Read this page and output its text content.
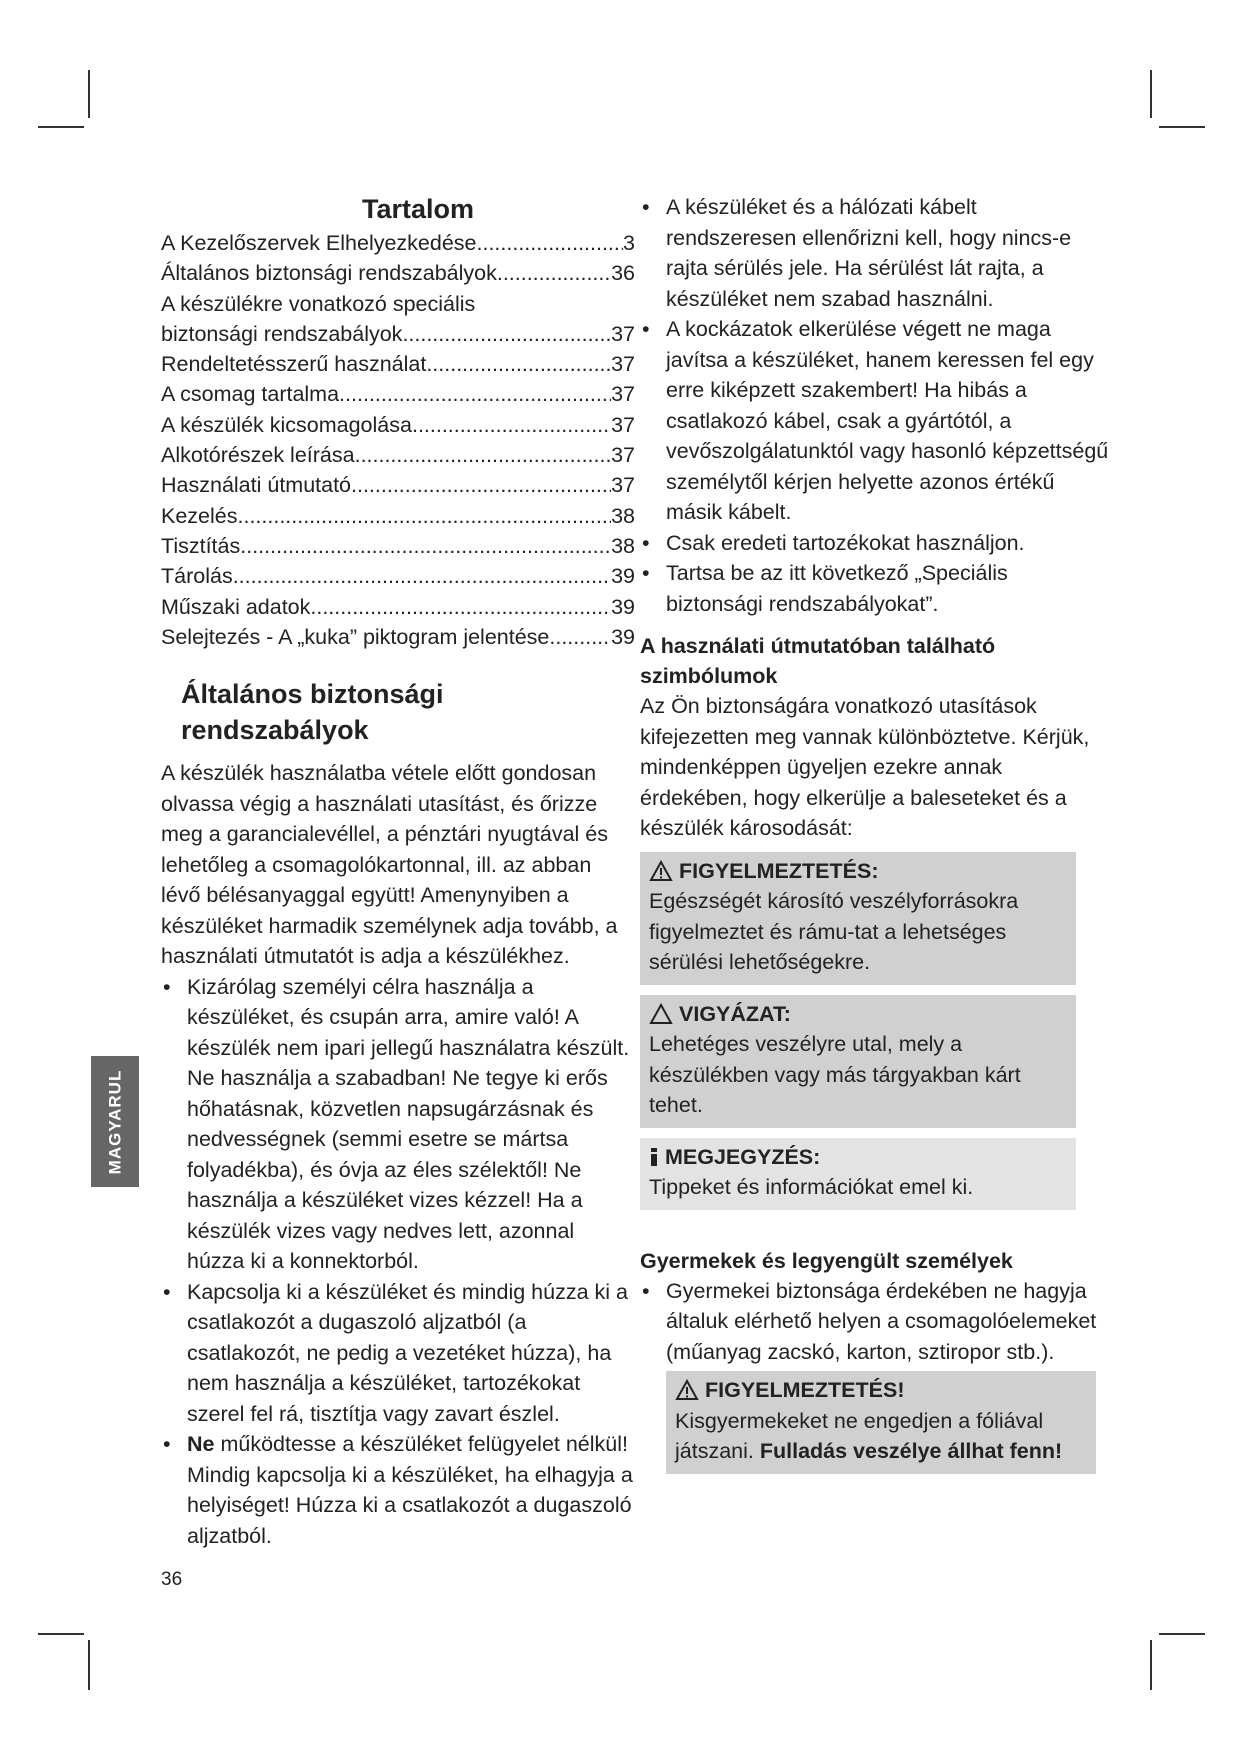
Tartalom
A Kezelőszervek Elhelyezkedése .....	3
Általános biztonsági rendszabályok .....	36
A készülékre vonatkozó speciális
biztonsági rendszabályok .....	37
Rendeltetésszerű használat .....	37
A csomag tartalma .....	37
A készülék kicsomagolása .....	37
Alkotórészek leírása .....	37
Használati útmutató .....	37
Kezelés .....	38
Tisztítás .....	38
Tárolás .....	39
Műszaki adatok .....	39
Selejtezés - A „kuka” piktogram jelentése .....	39
Általános biztonsági rendszabályok

A készülék használatba vétele előtt gondosan olvassa végig a használati utasítást, és őrizze meg a garancialevéllel, a pénztári nyugtával és lehetőleg a csomagolókartonnal, ill. az abban lévő bélésanyaggal együtt! Amenynyiben a készüléket harmadik személynek adja tovább, a használati útmutatót is adja a készülékhez.

• Kizárólag személyi célra használja a készüléket, és csupán arra, amire való! A készülék nem ipari jellegű használatra készült.
Ne használja a szabadban! Ne tegye ki erős hőhatásnak, közvetlen napsugárzásnak és nedvességnek (semmi esetre se mártsa folyadékba), és óvja az éles szélektől! Ne használja a készüléket vizes kézzel! Ha a készülék vizes vagy nedves lett, azonnal húzza ki a konnektorból.
• Kapcsolja ki a készüléket és mindig húzza ki a csatlakozót a dugaszoló aljzatból (a csatlakozót, ne pedig a vezetéket húzza), ha nem használja a készüléket, tartozékokat szerel fel rá, tisztítja vagy zavart észlel.
• Ne működtesse a készüléket felügyelet nélkül! Mindig kapcsolja ki a készüléket, ha elhagyja a helyiséget! Húzza ki a csatlakozót a dugaszoló aljzatból.
• A készüléket és a hálózati kábelt rendszeresen ellenőrizni kell, hogy nincs-e rajta sérülés jele. Ha sérülést lát rajta, a készüléket nem szabad használni.
• A kockázatok elkerülése végett ne maga javítsa a készüléket, hanem keressen fel egy erre kiképzett szakembert! Ha hibás a csatlakozó kábel, csak a gyártótól, a vevőszolgálatunktól vagy hasonló képzettségű személytől kérjen helyette azonos értékű másik kábelt.
• Csak eredeti tartozékokat használjon.
• Tartsa be az itt következő „Speciális biztonsági rendszabályokat”.
A használati útmutatóban található szimbólumok

Az Ön biztonságára vonatkozó utasítások kifejezetten meg vannak különböztetve. Kérjük, mindenképpen ügyeljen ezekre annak érdekében, hogy elkerülje a baleseteket és a készülék károsodását:

FIGYELMEZTETÉS:

Egészségét károsító veszélyforrásokra figyelmeztet és rámu-tat a lehetséges sérülési lehetőségekre.

VIGYÁZAT:

Lehetéges veszélyre utal, mely a készülékben vagy más tárgyakban kárt tehet.

MEGJEGYZÉS:

Tippeket és információkat emel ki.

Gyermekek és legyengült személyek
• Gyermekei biztonsága érdekében ne hagyja általuk elérhető helyen a csomagolóelemeket (műanyag zacskó, karton, sztiropor stb.).
FIGYELMEZTETÉS!

Kisgyermekeket ne engedjen a fóliával játszani. Fulladás veszélye állhat fenn!

MAGYARUL
36
